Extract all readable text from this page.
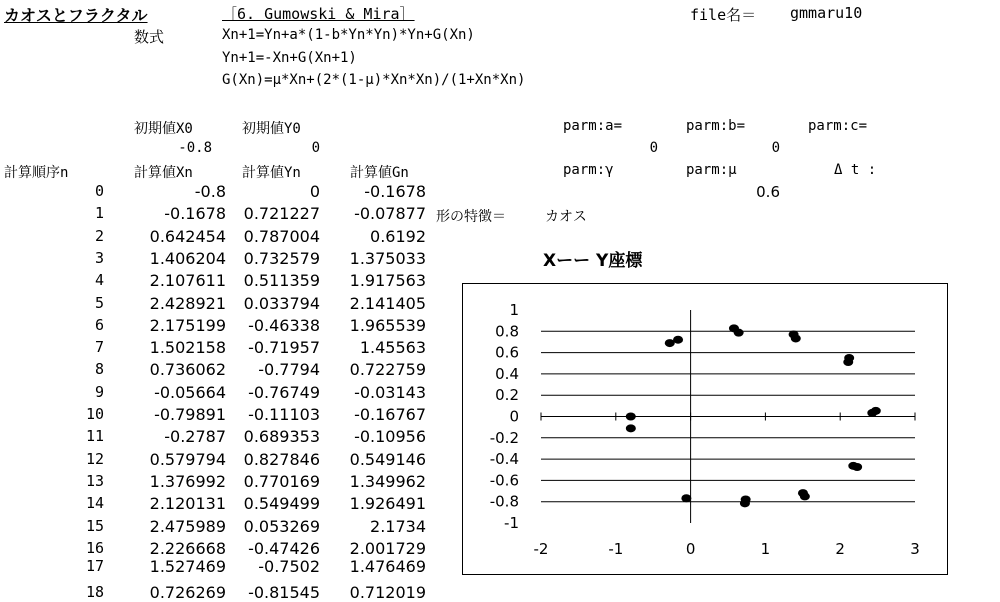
カオスとフラクタル	［6. Gumowski & Mira］	file名＝ gmmaru10
数式	Xn+1=Yn+a*(1-b*Yn*Yn)*Yn+G(Xn)
Yn+1=-Xn+G(Xn+1)
G(Xn)=μ*Xn+(2*(1-μ)*Xn*Xn)/(1+Xn*Xn)
初期値X0	初期値Y0
-0.8	0
parm:a=	parm:b=	parm:c=
0	0
parm:γ	parm:μ	Δ t :
0.6
計算順序n	計算値Xn	計算値Yn	計算値Gn
0	-0.8	0	-0.1678
1	-0.1678	0.721227	-0.07877
2	0.642454	0.787004	0.6192
3	1.406204	0.732579	1.375033
4	2.107611	0.511359	1.917563
5	2.428921	0.033794	2.141405
6	2.175199	-0.46338	1.965539
7	1.502158	-0.71957	1.45563
8	0.736062	-0.7794	0.722759
9	-0.05664	-0.76749	-0.03143
10	-0.79891	-0.11103	-0.16767
11	-0.2787	0.689353	-0.10956
12	0.579794	0.827846	0.549146
13	1.376992	0.770169	1.349962
14	2.120131	0.549499	1.926491
15	2.475989	0.053269	2.1734
16	2.226668	-0.47426	2.001729
17	1.527469	-0.7502	1.476469
18	0.726269	-0.81545	0.712019
形の特徴＝	カオス
Xーー Y座標
1
0.8
0.6
0.4
0.2
0
-0.2
-0.4
-0.6
-0.8
-1
-2	-1	0	1	2	3
